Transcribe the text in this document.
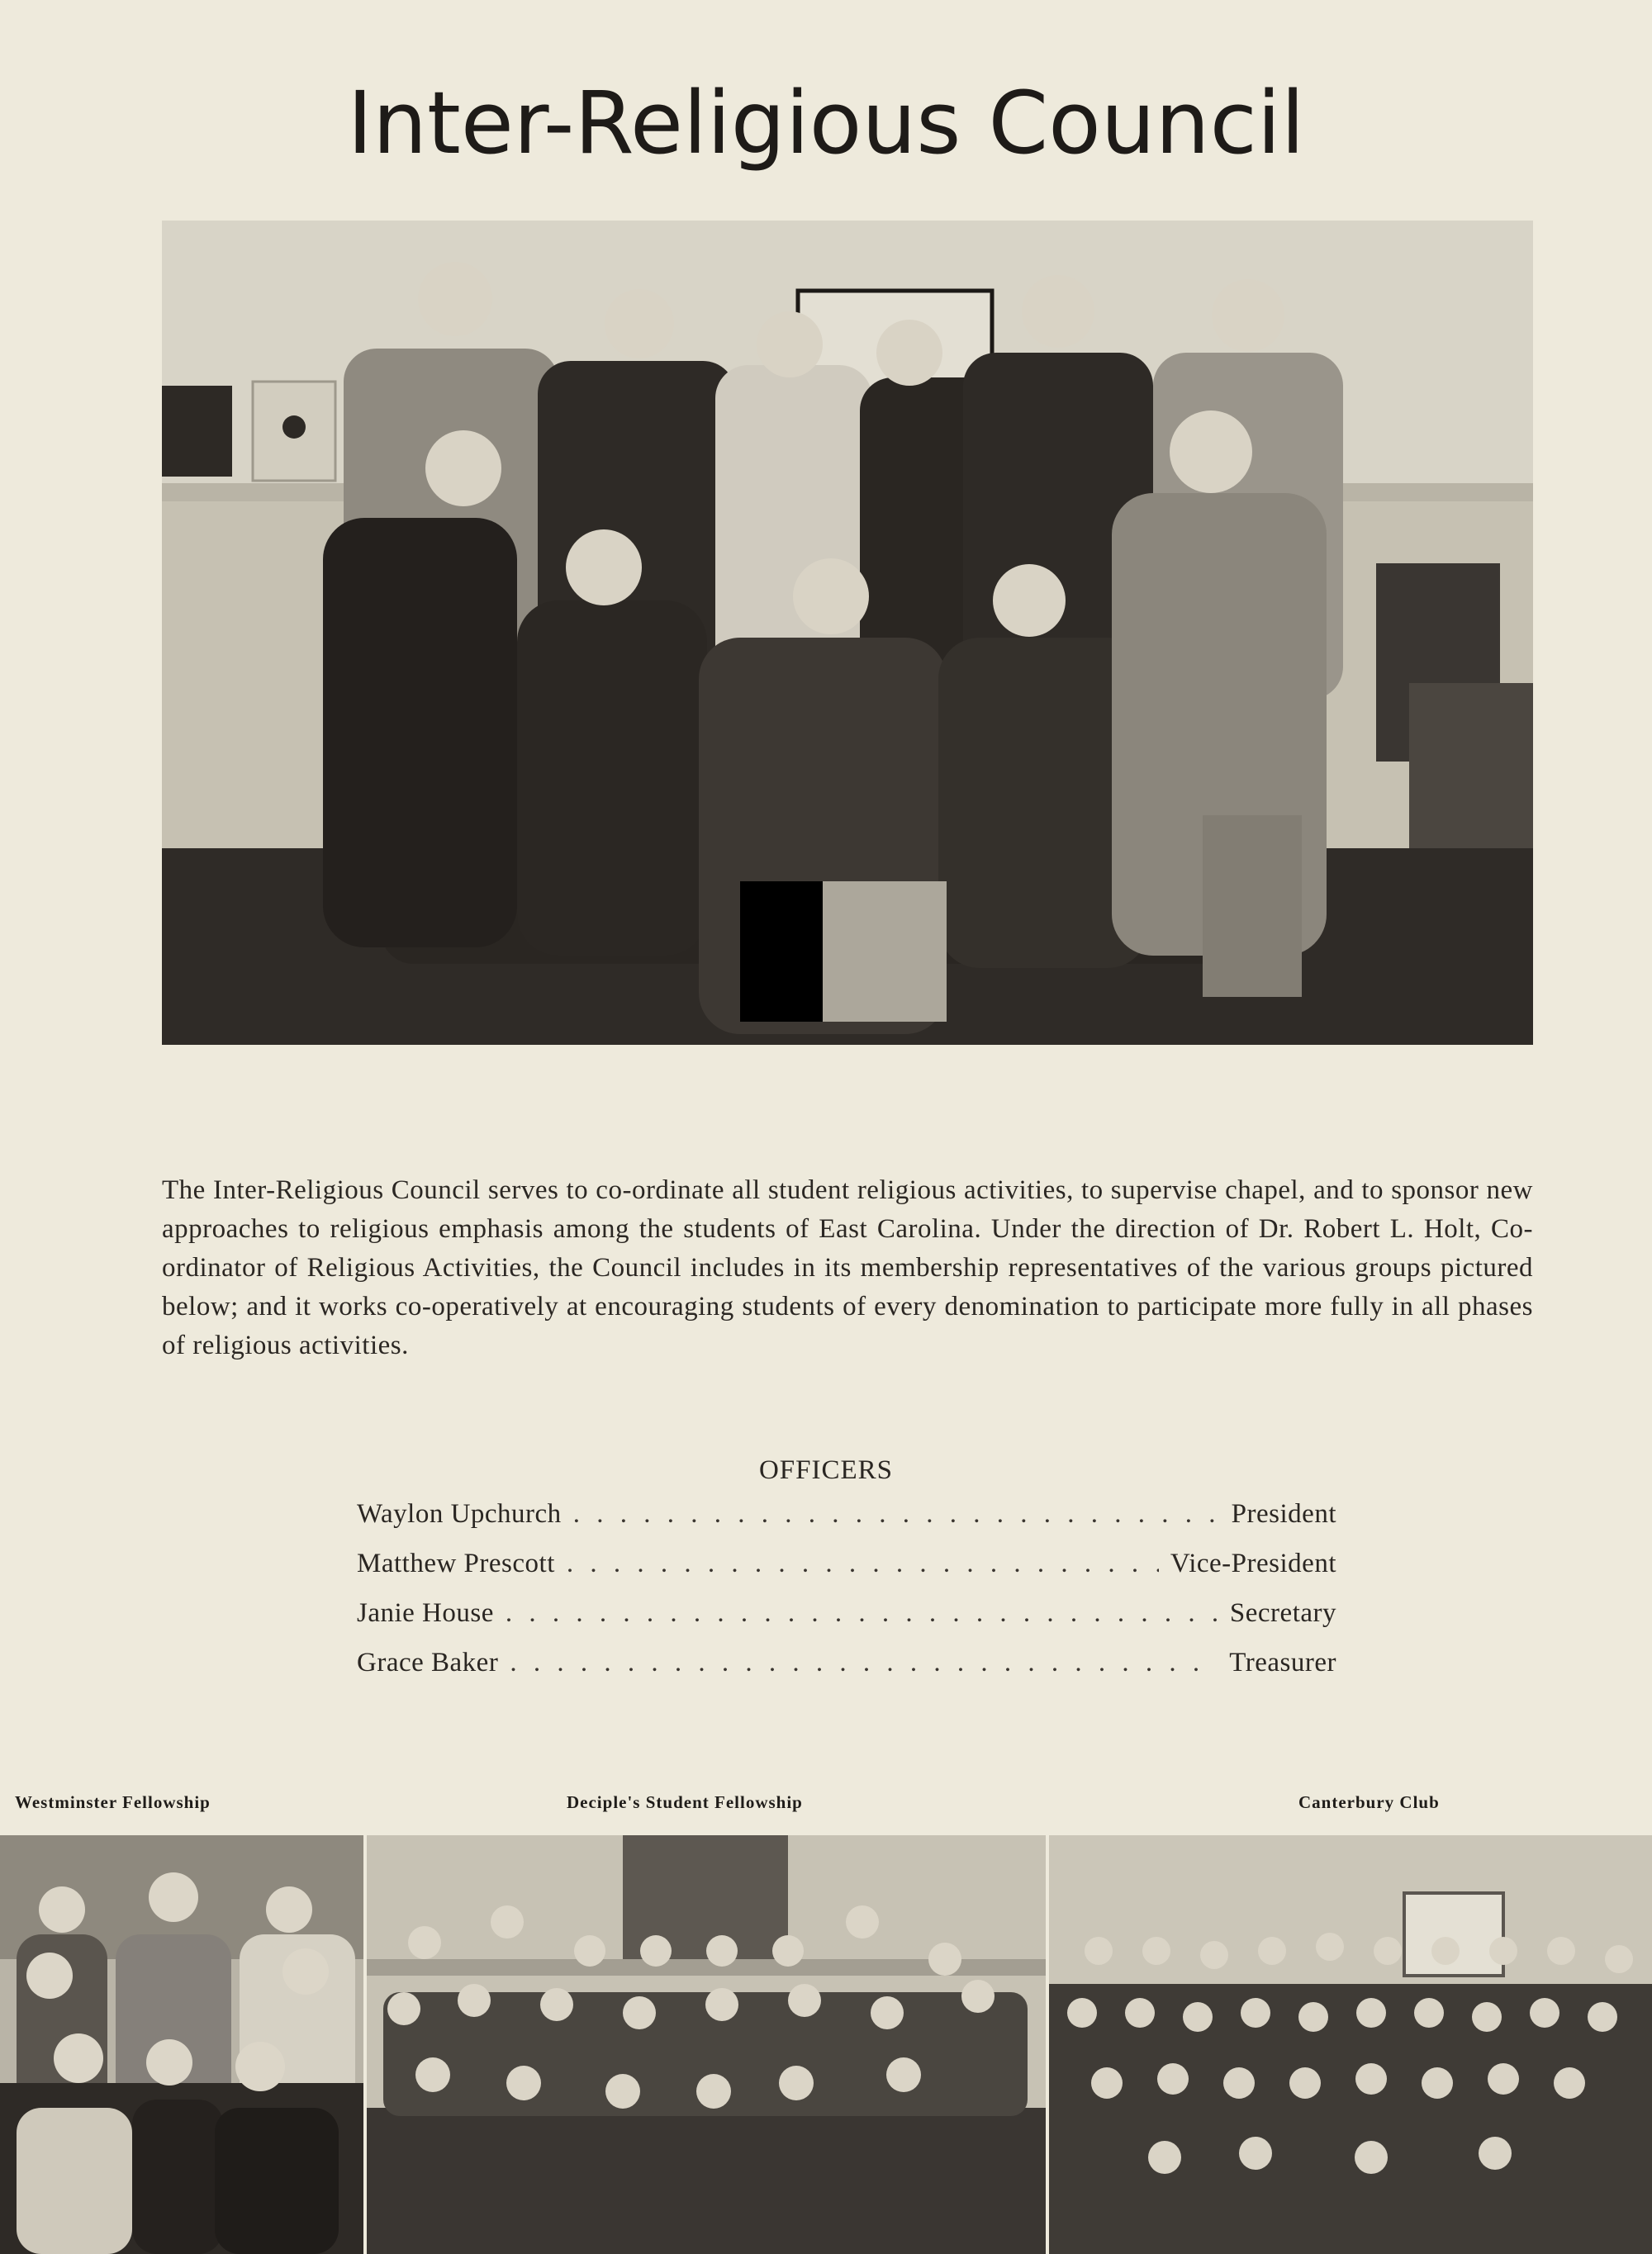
Inter-Religious Council
The Inter-Religious Council serves to co-ordinate all student religious activities, to supervise chapel, and to sponsor new approaches to religious emphasis among the students of East Carolina. Under the direction of Dr. Robert L. Holt, Co-ordinator of Religious Activities, the Council includes in its membership representatives of the various groups pictured below; and it works co-operatively at encouraging students of every denomination to participate more fully in all phases of religious activities.
OFFICERS
Waylon Upchurch . . .	President
Matthew Prescott . . .	Vice-President
Janie House . . .	Secretary
Grace Baker . . .	Treasurer
Westminster Fellowship	Deciple's Student Fellowship	Canterbury Club
